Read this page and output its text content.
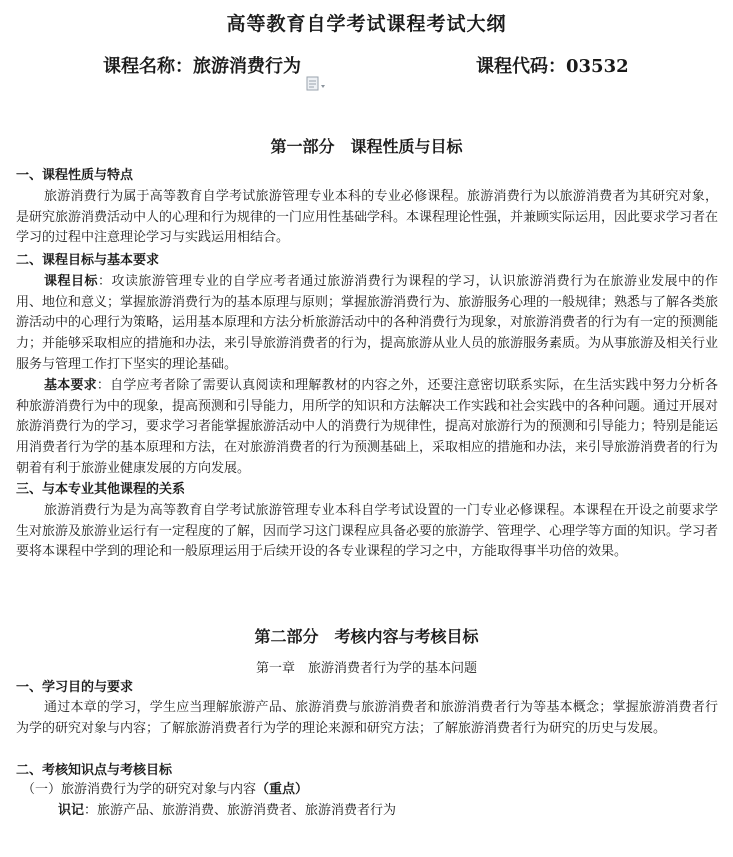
高等教育自学考试课程考试大纲
课程名称：旅游消费行为	课程代码：03532
第一部分　课程性质与目标
一、课程性质与特点

旅游消费行为属于高等教育自学考试旅游管理专业本科的专业必修课程。旅游消费行为以旅游消费者为其研究对象，是研究旅游消费活动中人的心理和行为规律的一门应用性基础学科。本课程理论性强，并兼顾实际运用，因此要求学习者在学习的过程中注意理论学习与实践运用相结合。

二、课程目标与基本要求

课程目标：攻读旅游管理专业的自学应考者通过旅游消费行为课程的学习，认识旅游消费行为在旅游业发展中的作用、地位和意义；掌握旅游消费行为的基本原理与原则；掌握旅游消费行为、旅游服务心理的一般规律；熟悉与了解各类旅游活动中的心理行为策略，运用基本原理和方法分析旅游活动中的各种消费行为现象，对旅游消费者的行为有一定的预测能力；并能够采取相应的措施和办法，来引导旅游消费者的行为，提高旅游从业人员的旅游服务素质。为从事旅游及相关行业服务与管理工作打下坚实的理论基础。

基本要求：自学应考者除了需要认真阅读和理解教材的内容之外，还要注意密切联系实际，在生活实践中努力分析各种旅游消费行为中的现象，提高预测和引导能力，用所学的知识和方法解决工作实践和社会实践中的各种问题。通过开展对旅游消费行为的学习，要求学习者能掌握旅游活动中人的消费行为规律性，提高对旅游行为的预测和引导能力；特别是能运用消费者行为学的基本原理和方法，在对旅游消费者的行为预测基础上，采取相应的措施和办法，来引导旅游消费者的行为朝着有利于旅游业健康发展的方向发展。

三、与本专业其他课程的关系

旅游消费行为是为高等教育自学考试旅游管理专业本科自学考试设置的一门专业必修课程。本课程在开设之前要求学生对旅游及旅游业运行有一定程度的了解，因而学习这门课程应具备必要的旅游学、管理学、心理学等方面的知识。学习者要将本课程中学到的理论和一般原理运用于后续开设的各专业课程的学习之中，方能取得事半功倍的效果。

第二部分　考核内容与考核目标
第一章　旅游消费者行为学的基本问题
一、学习目的与要求

通过本章的学习，学生应当理解旅游产品、旅游消费与旅游消费者和旅游消费者行为等基本概念；掌握旅游消费者行为学的研究对象与内容；了解旅游消费者行为学的理论来源和研究方法；了解旅游消费者行为研究的历史与发展。

二、考核知识点与考核目标
（一）旅游消费行为学的研究对象与内容（重点）
识记：旅游产品、旅游消费、旅游消费者、旅游消费者行为
